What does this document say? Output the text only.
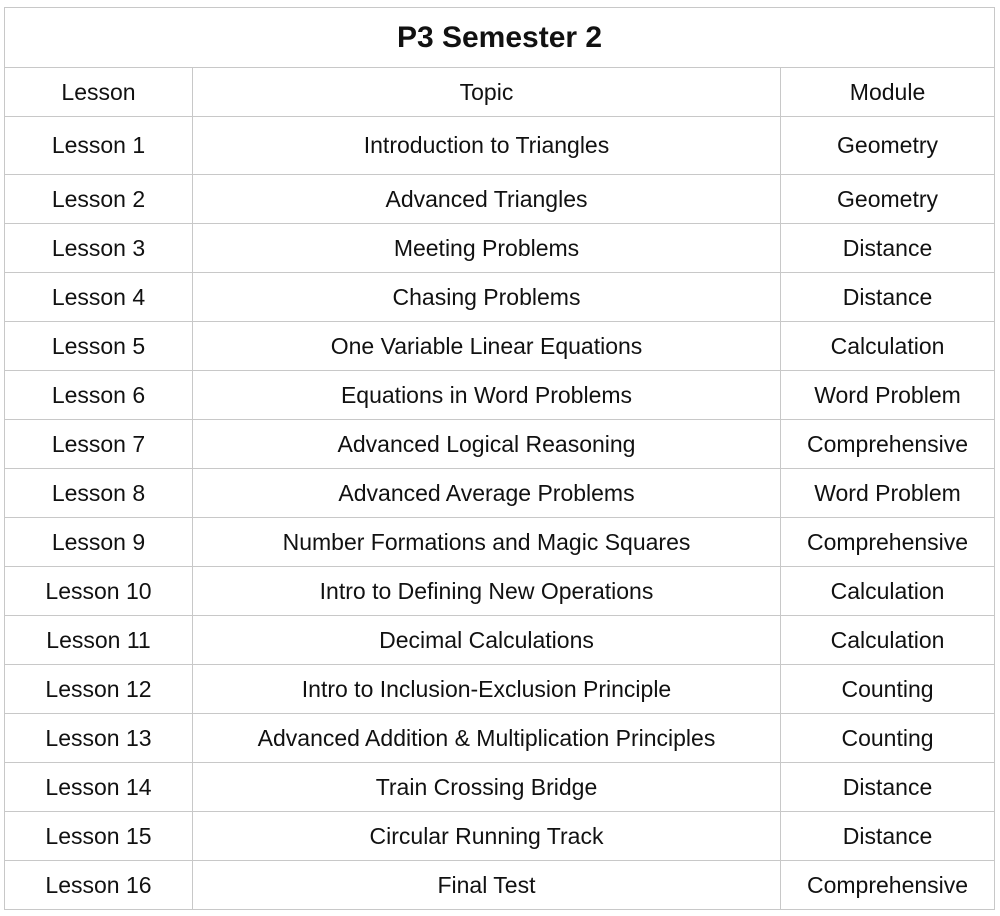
P3 Semester 2		
Lesson	Topic	Module
Lesson 1	Introduction to Triangles	Geometry
Lesson 2	Advanced Triangles	Geometry
Lesson 3	Meeting Problems	Distance
Lesson 4	Chasing Problems	Distance
Lesson 5	One Variable Linear Equations	Calculation
Lesson 6	Equations in Word Problems	Word Problem
Lesson 7	Advanced Logical Reasoning	Comprehensive
Lesson 8	Advanced Average Problems	Word Problem
Lesson 9	Number Formations and Magic Squares	Comprehensive
Lesson 10	Intro to Defining New Operations	Calculation
Lesson 11	Decimal Calculations	Calculation
Lesson 12	Intro to Inclusion-Exclusion Principle	Counting
Lesson 13	Advanced Addition & Multiplication Principles	Counting
Lesson 14	Train Crossing Bridge	Distance
Lesson 15	Circular Running Track	Distance
Lesson 16	Final Test	Comprehensive
